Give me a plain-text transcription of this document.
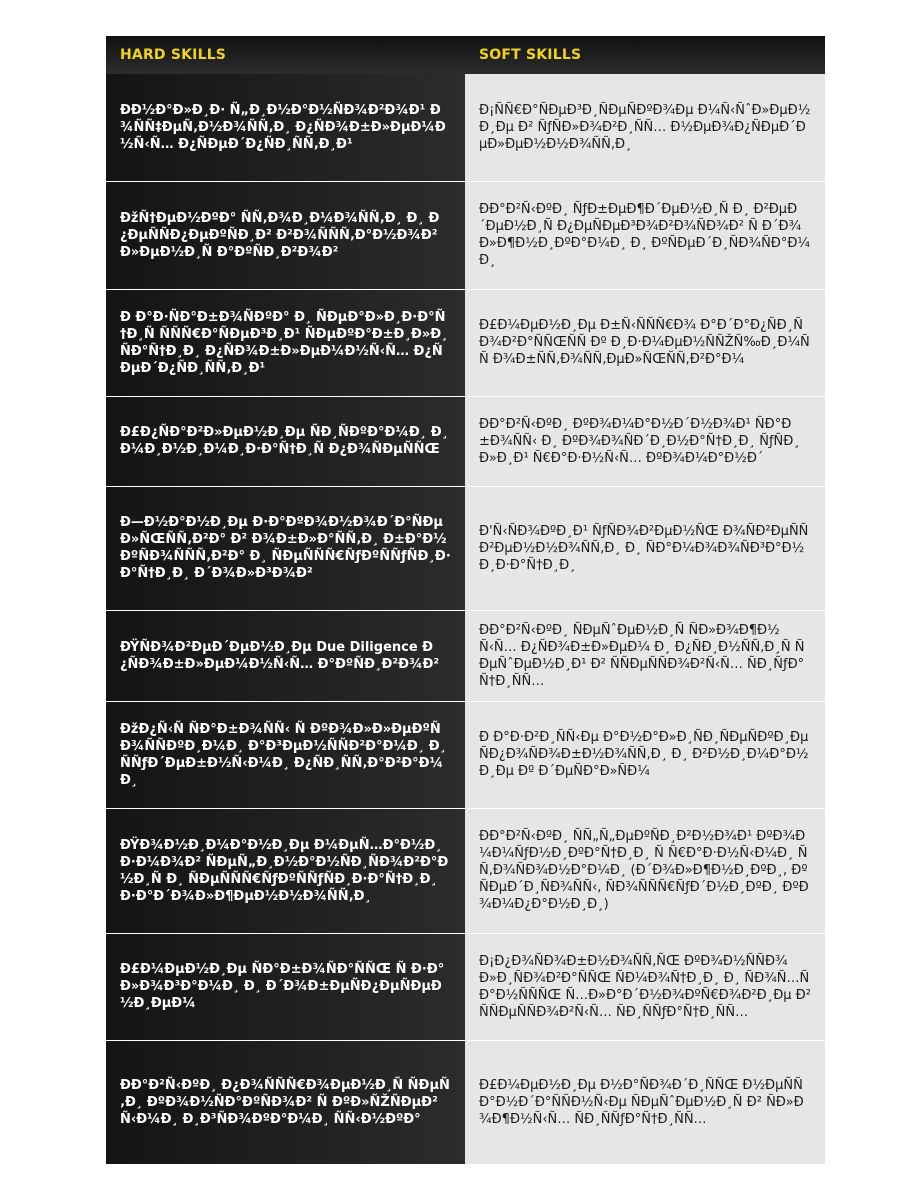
HARD SKILLS	SOFT SKILLS
ÐÐ½Ð°Ð»Ð¸Ð· Ñ„Ð¸Ð½Ð°Ð½ÑÐ¾Ð²Ð¾Ð¹ Ð¾ÑÑ‡ÐµÑ‚Ð½Ð¾ÑÑ‚Ð¸ Ð¿ÑÐ¾Ð±Ð»ÐµÐ¼Ð½Ñ‹Ñ… Ð¿ÑÐµÐ´Ð¿ÑÐ¸ÑÑ‚Ð¸Ð¹	Ð¡ÑÑ€Ð°ÑÐµÐ³Ð¸ÑÐµÑÐºÐ¾Ðµ Ð¼Ñ‹ÑˆÐ»ÐµÐ½Ð¸Ðµ Ð² ÑƒÑÐ»Ð¾Ð²Ð¸ÑÑ… Ð½ÐµÐ¾Ð¿ÑÐµÐ´ÐµÐ»ÐµÐ½Ð½Ð¾ÑÑ‚Ð¸
ÐžÑ†ÐµÐ½ÐºÐ° ÑÑ‚Ð¾Ð¸Ð¼Ð¾ÑÑ‚Ð¸ Ð¸ Ð¿ÐµÑÑÐ¿ÐµÐºÑÐ¸Ð² Ð²Ð¾ÑÑÑ‚Ð°Ð½Ð¾Ð²Ð»ÐµÐ½Ð¸Ñ Ð°ÐºÑÐ¸Ð²Ð¾Ð²	ÐÐ°Ð²Ñ‹ÐºÐ¸ ÑƒÐ±ÐµÐ¶Ð´ÐµÐ½Ð¸Ñ Ð¸ Ð²ÐµÐ´ÐµÐ½Ð¸Ñ Ð¿ÐµÑÐµÐ³Ð¾Ð²Ð¾ÑÐ¾Ð² Ñ Ð´Ð¾Ð»Ð¶Ð½Ð¸ÐºÐ°Ð¼Ð¸ Ð¸ ÐºÑÐµÐ´Ð¸ÑÐ¾ÑÐ°Ð¼Ð¸
Ð Ð°Ð·ÑÐ°Ð±Ð¾ÑÐºÐ° Ð¸ ÑÐµÐ°Ð»Ð¸Ð·Ð°Ñ†Ð¸Ñ ÑÑÑ€Ð°ÑÐµÐ³Ð¸Ð¹ ÑÐµÐºÐ°Ð±Ð¸Ð»Ð¸ÑÐ°Ñ†Ð¸Ð¸ Ð¿ÑÐ¾Ð±Ð»ÐµÐ¼Ð½Ñ‹Ñ… Ð¿ÑÐµÐ´Ð¿ÑÐ¸ÑÑ‚Ð¸Ð¹	Ð£Ð¼ÐµÐ½Ð¸Ðµ Ð±Ñ‹ÑÑÑ€Ð¾ Ð°Ð´Ð°Ð¿ÑÐ¸ÑÐ¾Ð²Ð°ÑÑŒÑÑ Ðº Ð¸Ð·Ð¼ÐµÐ½ÑÑŽÑ‰Ð¸Ð¼ÑÑ Ð¾Ð±ÑÑ‚Ð¾ÑÑ‚ÐµÐ»ÑŒÑÑ‚Ð²Ð°Ð¼
Ð£Ð¿ÑÐ°Ð²Ð»ÐµÐ½Ð¸Ðµ ÑÐ¸ÑÐºÐ°Ð¼Ð¸ Ð¸ Ð¼Ð¸Ð½Ð¸Ð¼Ð¸Ð·Ð°Ñ†Ð¸Ñ Ð¿Ð¾ÑÐµÑÑŒ	ÐÐ°Ð²Ñ‹ÐºÐ¸ ÐºÐ¾Ð¼Ð°Ð½Ð´Ð½Ð¾Ð¹ ÑÐ°Ð±Ð¾ÑÑ‹ Ð¸ ÐºÐ¾Ð¾ÑÐ´Ð¸Ð½Ð°Ñ†Ð¸Ð¸ ÑƒÑÐ¸Ð»Ð¸Ð¹ Ñ€Ð°Ð·Ð½Ñ‹Ñ… ÐºÐ¾Ð¼Ð°Ð½Ð´
Ð—Ð½Ð°Ð½Ð¸Ðµ Ð·Ð°ÐºÐ¾Ð½Ð¾Ð´Ð°ÑÐµÐ»ÑŒÑÑ‚Ð²Ð° Ð² Ð¾Ð±Ð»Ð°ÑÑ‚Ð¸ Ð±Ð°Ð½ÐºÑÐ¾ÑÑÑ‚Ð²Ð° Ð¸ ÑÐµÑÑÑ€ÑƒÐºÑÑƒÑÐ¸Ð·Ð°Ñ†Ð¸Ð¸ Ð´Ð¾Ð»Ð³Ð¾Ð²	Ð'Ñ‹ÑÐ¾ÐºÐ¸Ð¹ ÑƒÑÐ¾Ð²ÐµÐ½ÑŒ Ð¾ÑÐ²ÐµÑÑÐ²ÐµÐ½Ð½Ð¾ÑÑ‚Ð¸ Ð¸ ÑÐ°Ð¼Ð¾Ð¾ÑÐ³Ð°Ð½Ð¸Ð·Ð°Ñ†Ð¸Ð¸
ÐŸÑÐ¾Ð²ÐµÐ´ÐµÐ½Ð¸Ðµ Due Diligence Ð¿ÑÐ¾Ð±Ð»ÐµÐ¼Ð½Ñ‹Ñ… Ð°ÐºÑÐ¸Ð²Ð¾Ð²	ÐÐ°Ð²Ñ‹ÐºÐ¸ ÑÐµÑˆÐµÐ½Ð¸Ñ ÑÐ»Ð¾Ð¶Ð½Ñ‹Ñ… Ð¿ÑÐ¾Ð±Ð»ÐµÐ¼ Ð¸ Ð¿ÑÐ¸Ð½ÑÑ‚Ð¸Ñ ÑÐµÑˆÐµÐ½Ð¸Ð¹ Ð² ÑÑÐµÑÑÐ¾Ð²Ñ‹Ñ… ÑÐ¸ÑƒÐ°Ñ†Ð¸ÑÑ…
ÐžÐ¿Ñ‹Ñ ÑÐ°Ð±Ð¾ÑÑ‹ Ñ ÐºÐ¾Ð»Ð»ÐµÐºÑÐ¾ÑÑÐºÐ¸Ð¼Ð¸ Ð°Ð³ÐµÐ½ÑÑÐ²Ð°Ð¼Ð¸ Ð¸ ÑÑƒÐ´ÐµÐ±Ð½Ñ‹Ð¼Ð¸ Ð¿ÑÐ¸ÑÑ‚Ð°Ð²Ð°Ð¼Ð¸	Ð Ð°Ð·Ð²Ð¸ÑÑ‹Ðµ Ð°Ð½Ð°Ð»Ð¸ÑÐ¸ÑÐµÑÐºÐ¸Ðµ ÑÐ¿Ð¾ÑÐ¾Ð±Ð½Ð¾ÑÑ‚Ð¸ Ð¸ Ð²Ð½Ð¸Ð¼Ð°Ð½Ð¸Ðµ Ðº Ð´ÐµÑÐ°Ð»ÑÐ¼
ÐŸÐ¾Ð½Ð¸Ð¼Ð°Ð½Ð¸Ðµ Ð¼ÐµÑ…Ð°Ð½Ð¸Ð·Ð¼Ð¾Ð² ÑÐµÑ„Ð¸Ð½Ð°Ð½ÑÐ¸ÑÐ¾Ð²Ð°Ð½Ð¸Ñ Ð¸ ÑÐµÑÑÑ€ÑƒÐºÑÑƒÑÐ¸Ð·Ð°Ñ†Ð¸Ð¸ Ð·Ð°Ð´Ð¾Ð»Ð¶ÐµÐ½Ð½Ð¾ÑÑ‚Ð¸	ÐÐ°Ð²Ñ‹ÐºÐ¸ ÑÑ„Ñ„ÐµÐºÑÐ¸Ð²Ð½Ð¾Ð¹ ÐºÐ¾Ð¼Ð¼ÑƒÐ½Ð¸ÐºÐ°Ñ†Ð¸Ð¸ Ñ Ñ€Ð°Ð·Ð½Ñ‹Ð¼Ð¸ ÑÑ‚Ð¾ÑÐ¾Ð½Ð°Ð¼Ð¸ (Ð´Ð¾Ð»Ð¶Ð½Ð¸ÐºÐ¸, ÐºÑÐµÐ´Ð¸ÑÐ¾ÑÑ‹, ÑÐ¾ÑÑÑ€ÑƒÐ´Ð½Ð¸ÐºÐ¸ ÐºÐ¾Ð¼Ð¿Ð°Ð½Ð¸Ð¸)
Ð£Ð¼ÐµÐ½Ð¸Ðµ ÑÐ°Ð±Ð¾ÑÐ°ÑÑŒ Ñ Ð·Ð°Ð»Ð¾Ð³Ð°Ð¼Ð¸ Ð¸ Ð´Ð¾Ð±ÐµÑÐ¿ÐµÑÐµÐ½Ð¸ÐµÐ¼	Ð¡Ð¿Ð¾ÑÐ¾Ð±Ð½Ð¾ÑÑ‚ÑŒ ÐºÐ¾Ð½ÑÑÐ¾Ð»Ð¸ÑÐ¾Ð²Ð°ÑÑŒ ÑÐ¼Ð¾Ñ†Ð¸Ð¸ Ð¸ ÑÐ¾Ñ…ÑÐ°Ð½ÑÑÑŒ Ñ…Ð»Ð°Ð´Ð½Ð¾ÐºÑ€Ð¾Ð²Ð¸Ðµ Ð² ÑÑÐµÑÑÐ¾Ð²Ñ‹Ñ… ÑÐ¸ÑÑƒÐ°Ñ†Ð¸ÑÑ…
ÐÐ°Ð²Ñ‹ÐºÐ¸ Ð¿Ð¾ÑÑÑ€Ð¾ÐµÐ½Ð¸Ñ ÑÐµÑ‚Ð¸ ÐºÐ¾Ð½ÑÐ°ÐºÑÐ¾Ð² Ñ ÐºÐ»ÑŽÑÐµÐ²Ñ‹Ð¼Ð¸ Ð¸Ð³ÑÐ¾ÐºÐ°Ð¼Ð¸ ÑÑ‹Ð½ÐºÐ°	Ð£Ð¼ÐµÐ½Ð¸Ðµ Ð½Ð°ÑÐ¾Ð´Ð¸ÑÑŒ Ð½ÐµÑÑÐ°Ð½Ð´Ð°ÑÑÐ½Ñ‹Ðµ ÑÐµÑˆÐµÐ½Ð¸Ñ Ð² ÑÐ»Ð¾Ð¶Ð½Ñ‹Ñ… ÑÐ¸ÑÑƒÐ°Ñ†Ð¸ÑÑ…
